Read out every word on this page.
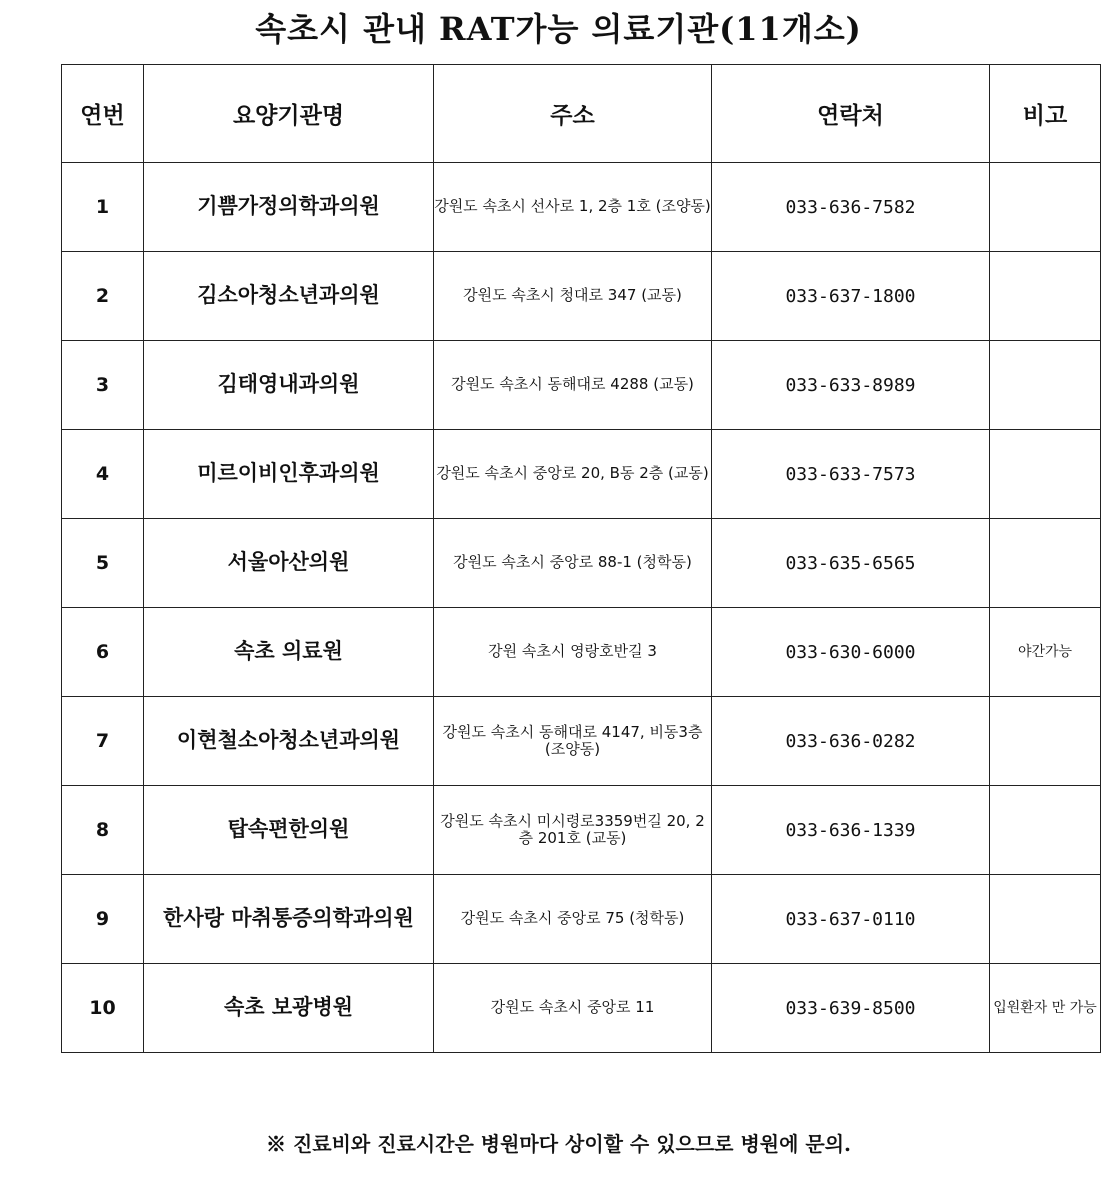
속초시 관내 RAT가능 의료기관(11개소)
연번	요양기관명	주소	연락처	비고
1	기쁨가정의학과의원	강원도 속초시 선사로 1, 2층 1호 (조양동)	033-636-7582	
2	김소아청소년과의원	강원도 속초시 청대로 347 (교동)	033-637-1800	
3	김태영내과의원	강원도 속초시 동해대로 4288 (교동)	033-633-8989	
4	미르이비인후과의원	강원도 속초시 중앙로 20, B동 2층 (교동)	033-633-7573	
5	서울아산의원	강원도 속초시 중앙로 88-1 (청학동)	033-635-6565	
6	속초 의료원	강원 속초시 영랑호반길 3	033-630-6000	야간가능
7	이현철소아청소년과의원	강원도 속초시 동해대로 4147, 비동3층 (조양동)	033-636-0282	
8	탑속편한의원	강원도 속초시 미시령로3359번길 20, 2층 201호 (교동)	033-636-1339	
9	한사랑 마취통증의학과의원	강원도 속초시 중앙로 75 (청학동)	033-637-0110	
10	속초 보광병원	강원도 속초시 중앙로 11	033-639-8500	입원환자 만 가능
※ 진료비와 진료시간은 병원마다 상이할 수 있으므로 병원에 문의.
